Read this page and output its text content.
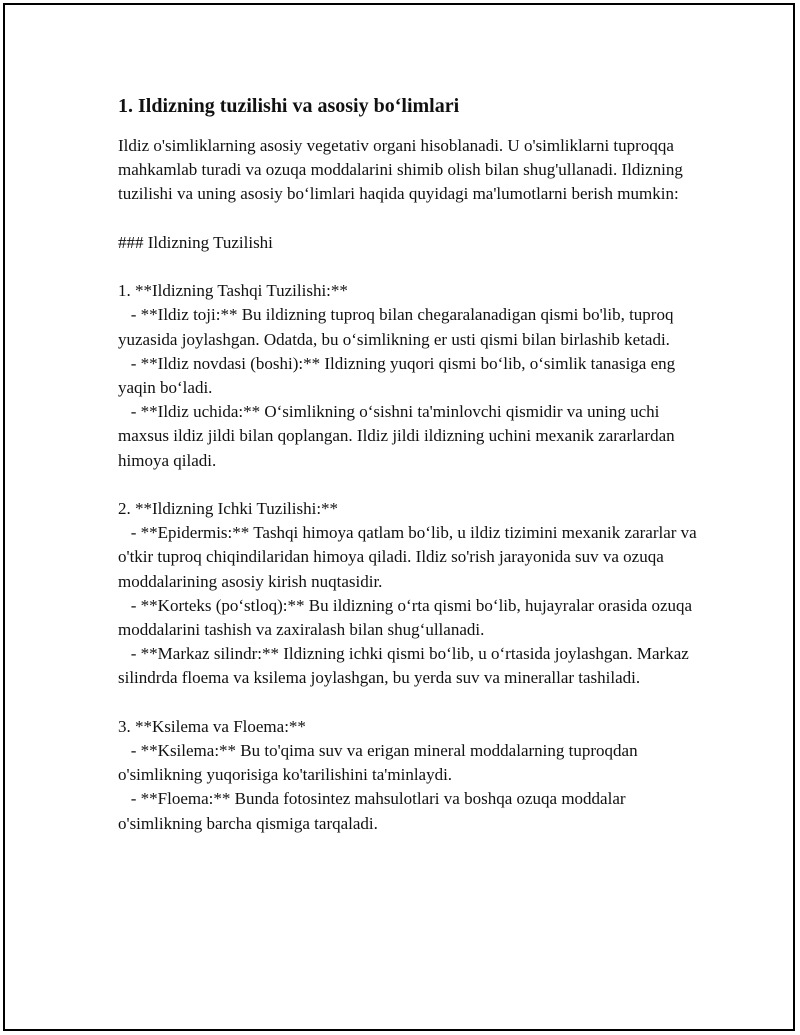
1. Ildizning tuzilishi va asosiy bo‘limlari

Ildiz o'simliklarning asosiy vegetativ organi hisoblanadi. U o'simliklarni tuproqqa mahkamlab turadi va ozuqa moddalarini shimib olish bilan shug'ullanadi. Ildizning tuzilishi va uning asosiy bo‘limlari haqida quyidagi ma'lumotlarni berish mumkin:

### Ildizning Tuzilishi

1. **Ildizning Tashqi Tuzilishi:**

- **Ildiz toji:** Bu ildizning tuproq bilan chegaralanadigan qismi bo'lib, tuproq yuzasida joylashgan. Odatda, bu o‘simlikning er usti qismi bilan birlashib ketadi.

- **Ildiz novdasi (boshi):** Ildizning yuqori qismi bo‘lib, o‘simlik tanasiga eng yaqin bo‘ladi.

- **Ildiz uchida:** O‘simlikning o‘sishni ta'minlovchi qismidir va uning uchi maxsus ildiz jildi bilan qoplangan. Ildiz jildi ildizning uchini mexanik zararlardan himoya qiladi.

2. **Ildizning Ichki Tuzilishi:**

- **Epidermis:** Tashqi himoya qatlam bo‘lib, u ildiz tizimini mexanik zararlar va o'tkir tuproq chiqindilaridan himoya qiladi. Ildiz so'rish jarayonida suv va ozuqa moddalarining asosiy kirish nuqtasidir.

- **Korteks (po‘stloq):** Bu ildizning o‘rta qismi bo‘lib, hujayralar orasida ozuqa moddalarini tashish va zaxiralash bilan shug‘ullanadi.

- **Markaz silindr:** Ildizning ichki qismi bo‘lib, u o‘rtasida joylashgan. Markaz silindrda floema va ksilema joylashgan, bu yerda suv va minerallar tashiladi.

3. **Ksilema va Floema:**

- **Ksilema:** Bu to'qima suv va erigan mineral moddalarning tuproqdan o'simlikning yuqorisiga ko'tarilishini ta'minlaydi.

- **Floema:** Bunda fotosintez mahsulotlari va boshqa ozuqa moddalar o'simlikning barcha qismiga tarqaladi.
